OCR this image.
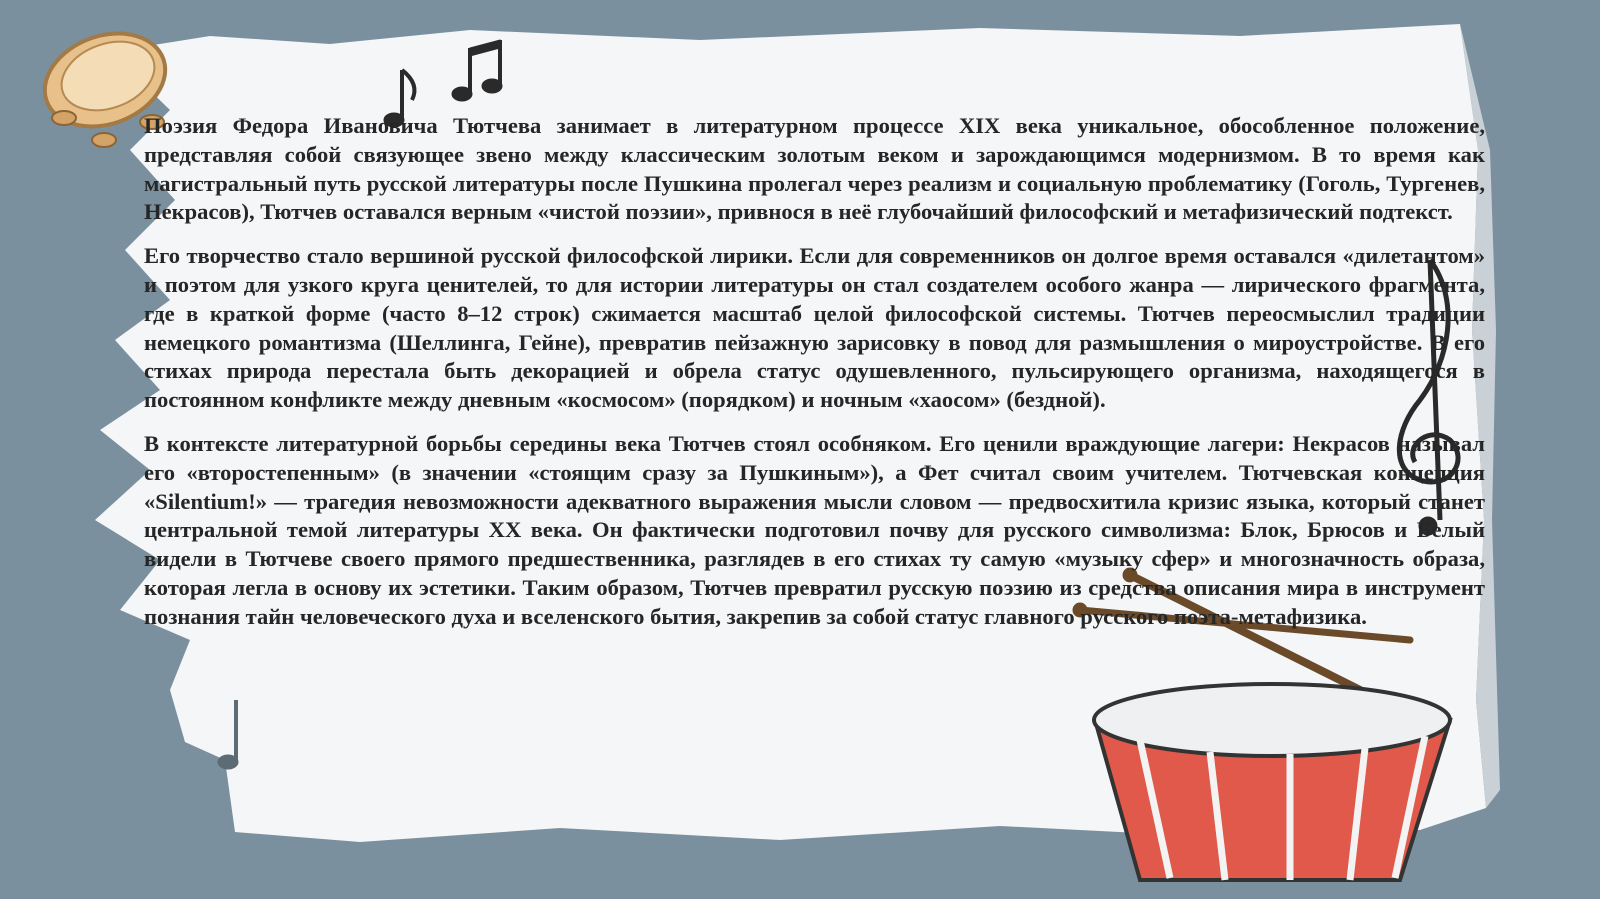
Поэзия Федора Ивановича Тютчева занимает в литературном процессе XIX века уникальное, обособленное положение, представляя собой связующее звено между классическим золотым веком и зарождающимся модернизмом. В то время как магистральный путь русской литературы после Пушкина пролегал через реализм и социальную проблематику (Гоголь, Тургенев, Некрасов), Тютчев оставался верным «чистой поэзии», привнося в неё глубочайший философский и метафизический подтекст.

Его творчество стало вершиной русской философской лирики. Если для современников он долгое время оставался «дилетантом» и поэтом для узкого круга ценителей, то для истории литературы он стал создателем особого жанра — лирического фрагмента, где в краткой форме (часто 8–12 строк) сжимается масштаб целой философской системы. Тютчев переосмыслил традиции немецкого романтизма (Шеллинга, Гейне), превратив пейзажную зарисовку в повод для размышления о мироустройстве. В его стихах природа перестала быть декорацией и обрела статус одушевленного, пульсирующего организма, находящегося в постоянном конфликте между дневным «космосом» (порядком) и ночным «хаосом» (бездной).

В контексте литературной борьбы середины века Тютчев стоял особняком. Его ценили враждующие лагери: Некрасов называл его «второстепенным» (в значении «стоящим сразу за Пушкиным»), а Фет считал своим учителем. Тютчевская концепция «Silentium!» — трагедия невозможности адекватного выражения мысли словом — предвосхитила кризис языка, который станет центральной темой литературы XX века. Он фактически подготовил почву для русского символизма: Блок, Брюсов и Белый видели в Тютчеве своего прямого предшественника, разглядев в его стихах ту самую «музыку сфер» и многозначность образа, которая легла в основу их эстетики. Таким образом, Тютчев превратил русскую поэзию из средства описания мира в инструмент познания тайн человеческого духа и вселенского бытия, закрепив за собой статус главного русского поэта-метафизика.
